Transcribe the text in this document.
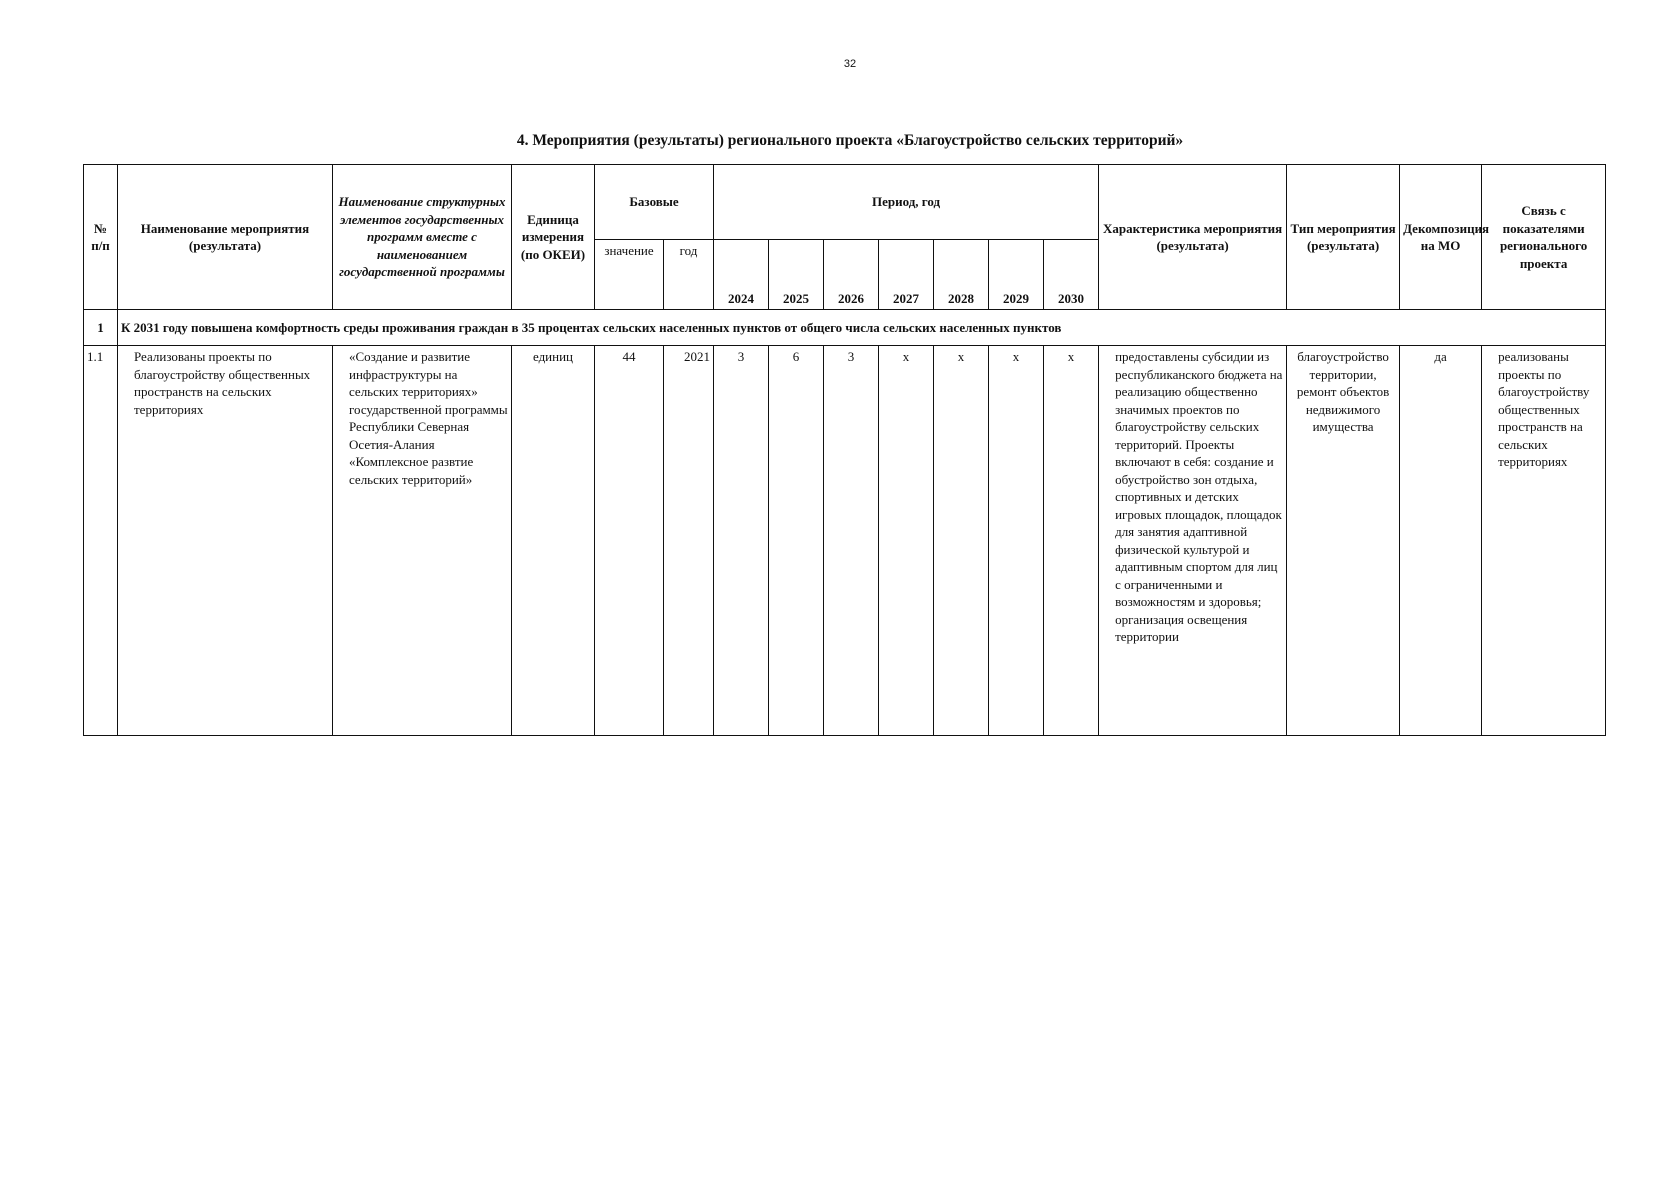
32
4. Мероприятия (результаты) регионального проекта «Благоустройство сельских территорий»
№ п/п	Наименование мероприятия (результата)	Наименование структурных элементов государственных программ вместе с наименованием государственной программы	Единица измерения (по ОКЕИ)	Базовые		Период, год							Характеристика мероприятия (результата)	Тип мероприятия (результата)	Декомпозиция на МО	Связь с показателями регионального проекта
				значение	год	2024	2025	2026	2027	2028	2029	2030				
1	К 2031 году повышена комфортность среды проживания граждан в 35 процентах сельских населенных пунктов от общего числа сельских населенных пунктов															
1.1	Реализованы проекты по благоустройству общественных пространств на сельских территориях	«Создание и развитие инфраструктуры на сельских территориях» государственной программы Республики Северная Осетия-Алания «Комплексное развтие сельских территорий»	единиц	44	2021	3	6	3	x	x	x	x	предоставлены субсидии из республиканского бюджета на реализацию общественно значимых проектов по благоустройству сельских территорий. Проекты включают в себя: создание и обустройство зон отдыха, спортивных и детских игровых площадок, площадок для занятия адаптивной физической культурой и адаптивным спортом для лиц с ограниченными и возможностям и здоровья; организация освещения территории	благоустройство территории, ремонт объектов недвижимого имущества	да	реализованы проекты по благоустройству общественных пространств на сельских территориях
